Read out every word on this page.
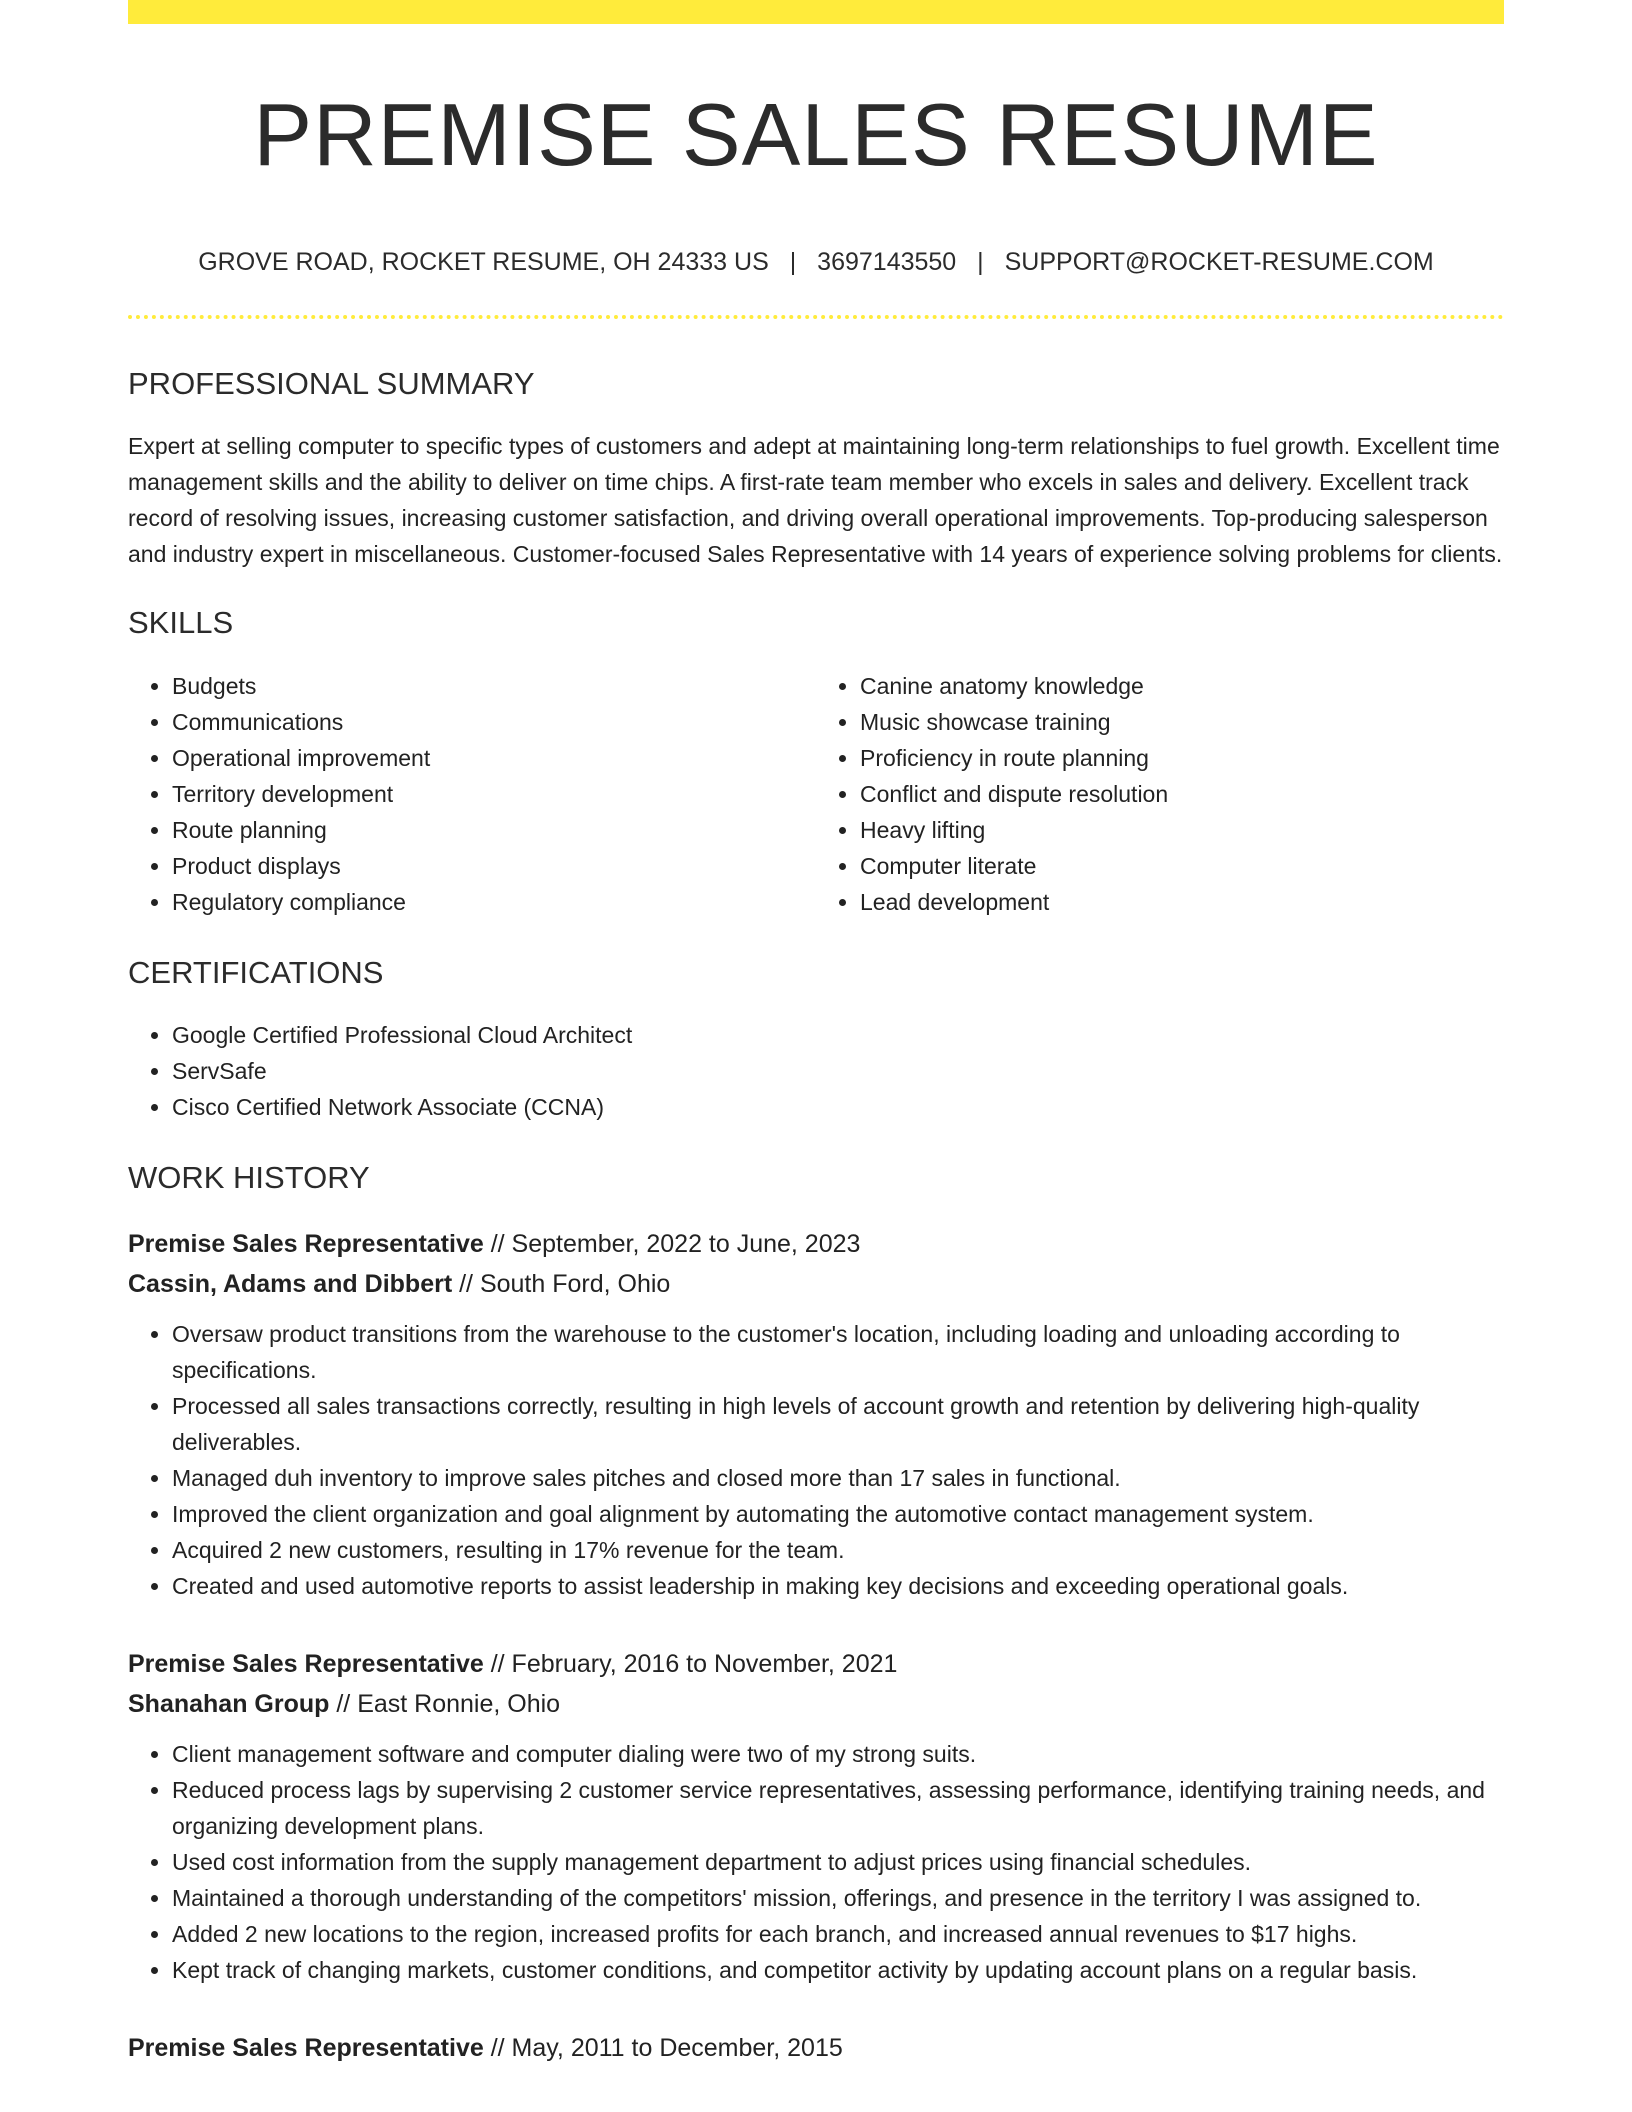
PREMISE SALES RESUME
GROVE ROAD, ROCKET RESUME, OH 24333 US | 3697143550 | SUPPORT@ROCKET-RESUME.COM
PROFESSIONAL SUMMARY

Expert at selling computer to specific types of customers and adept at maintaining long-term relationships to fuel growth. Excellent time management skills and the ability to deliver on time chips. A first-rate team member who excels in sales and delivery. Excellent track record of resolving issues, increasing customer satisfaction, and driving overall operational improvements. Top-producing salesperson and industry expert in miscellaneous. Customer-focused Sales Representative with 14 years of experience solving problems for clients.

SKILLS
• Budgets
• Communications
• Operational improvement
• Territory development
• Route planning
• Product displays
• Regulatory compliance
• Canine anatomy knowledge
• Music showcase training
• Proficiency in route planning
• Conflict and dispute resolution
• Heavy lifting
• Computer literate
• Lead development
CERTIFICATIONS
• Google Certified Professional Cloud Architect
• ServSafe
• Cisco Certified Network Associate (CCNA)
WORK HISTORY
Premise Sales Representative // September, 2022 to June, 2023
Cassin, Adams and Dibbert // South Ford, Ohio
• Oversaw product transitions from the warehouse to the customer's location, including loading and unloading according to specifications.
• Processed all sales transactions correctly, resulting in high levels of account growth and retention by delivering high-quality deliverables.
• Managed duh inventory to improve sales pitches and closed more than 17 sales in functional.
• Improved the client organization and goal alignment by automating the automotive contact management system.
• Acquired 2 new customers, resulting in 17% revenue for the team.
• Created and used automotive reports to assist leadership in making key decisions and exceeding operational goals.
Premise Sales Representative // February, 2016 to November, 2021
Shanahan Group // East Ronnie, Ohio
• Client management software and computer dialing were two of my strong suits.
• Reduced process lags by supervising 2 customer service representatives, assessing performance, identifying training needs, and organizing development plans.
• Used cost information from the supply management department to adjust prices using financial schedules.
• Maintained a thorough understanding of the competitors' mission, offerings, and presence in the territory I was assigned to.
• Added 2 new locations to the region, increased profits for each branch, and increased annual revenues to $17 highs.
• Kept track of changing markets, customer conditions, and competitor activity by updating account plans on a regular basis.
Premise Sales Representative // May, 2011 to December, 2015
